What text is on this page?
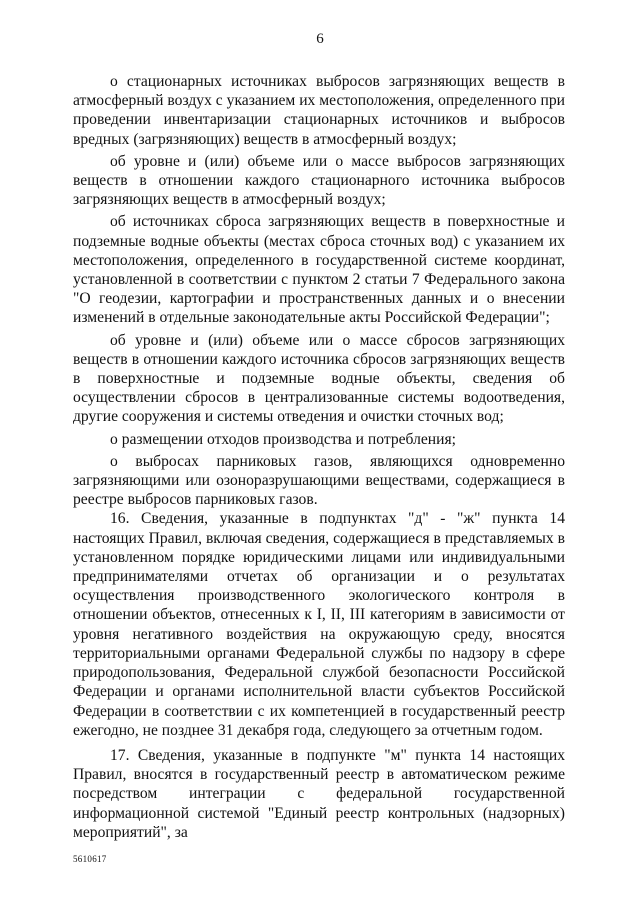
6

о стационарных источниках выбросов загрязняющих веществ в атмосферный воздух с указанием их местоположения, определенного при проведении инвентаризации стационарных источников и выбросов вредных (загрязняющих) веществ в атмосферный воздух;

об уровне и (или) объеме или о массе выбросов загрязняющих веществ в отношении каждого стационарного источника выбросов загрязняющих веществ в атмосферный воздух;

об источниках сброса загрязняющих веществ в поверхностные и подземные водные объекты (местах сброса сточных вод) с указанием их местоположения, определенного в государственной системе координат, установленной в соответствии с пунктом 2 статьи 7 Федерального закона "О геодезии, картографии и пространственных данных и о внесении изменений в отдельные законодательные акты Российской Федерации";

об уровне и (или) объеме или о массе сбросов загрязняющих веществ в отношении каждого источника сбросов загрязняющих веществ в поверхностные и подземные водные объекты, сведения об осуществлении сбросов в централизованные системы водоотведения, другие сооружения и системы отведения и очистки сточных вод;

о размещении отходов производства и потребления;

о выбросах парниковых газов, являющихся одновременно загрязняющими или озоноразрушающими веществами, содержащиеся в реестре выбросов парниковых газов.

16. Сведения, указанные в подпунктах "д" - "ж" пункта 14 настоящих Правил, включая сведения, содержащиеся в представляемых в установленном порядке юридическими лицами или индивидуальными предпринимателями отчетах об организации и о результатах осуществления производственного экологического контроля в отношении объектов, отнесенных к I, II, III категориям в зависимости от уровня негативного воздействия на окружающую среду, вносятся территориальными органами Федеральной службы по надзору в сфере природопользования, Федеральной службой безопасности Российской Федерации и органами исполнительной власти субъектов Российской Федерации в соответствии с их компетенцией в государственный реестр ежегодно, не позднее 31 декабря года, следующего за отчетным годом.

17. Сведения, указанные в подпункте "м" пункта 14 настоящих Правил, вносятся в государственный реестр в автоматическом режиме посредством интеграции с федеральной государственной информационной системой "Единый реестр контрольных (надзорных) мероприятий", за

5610617
